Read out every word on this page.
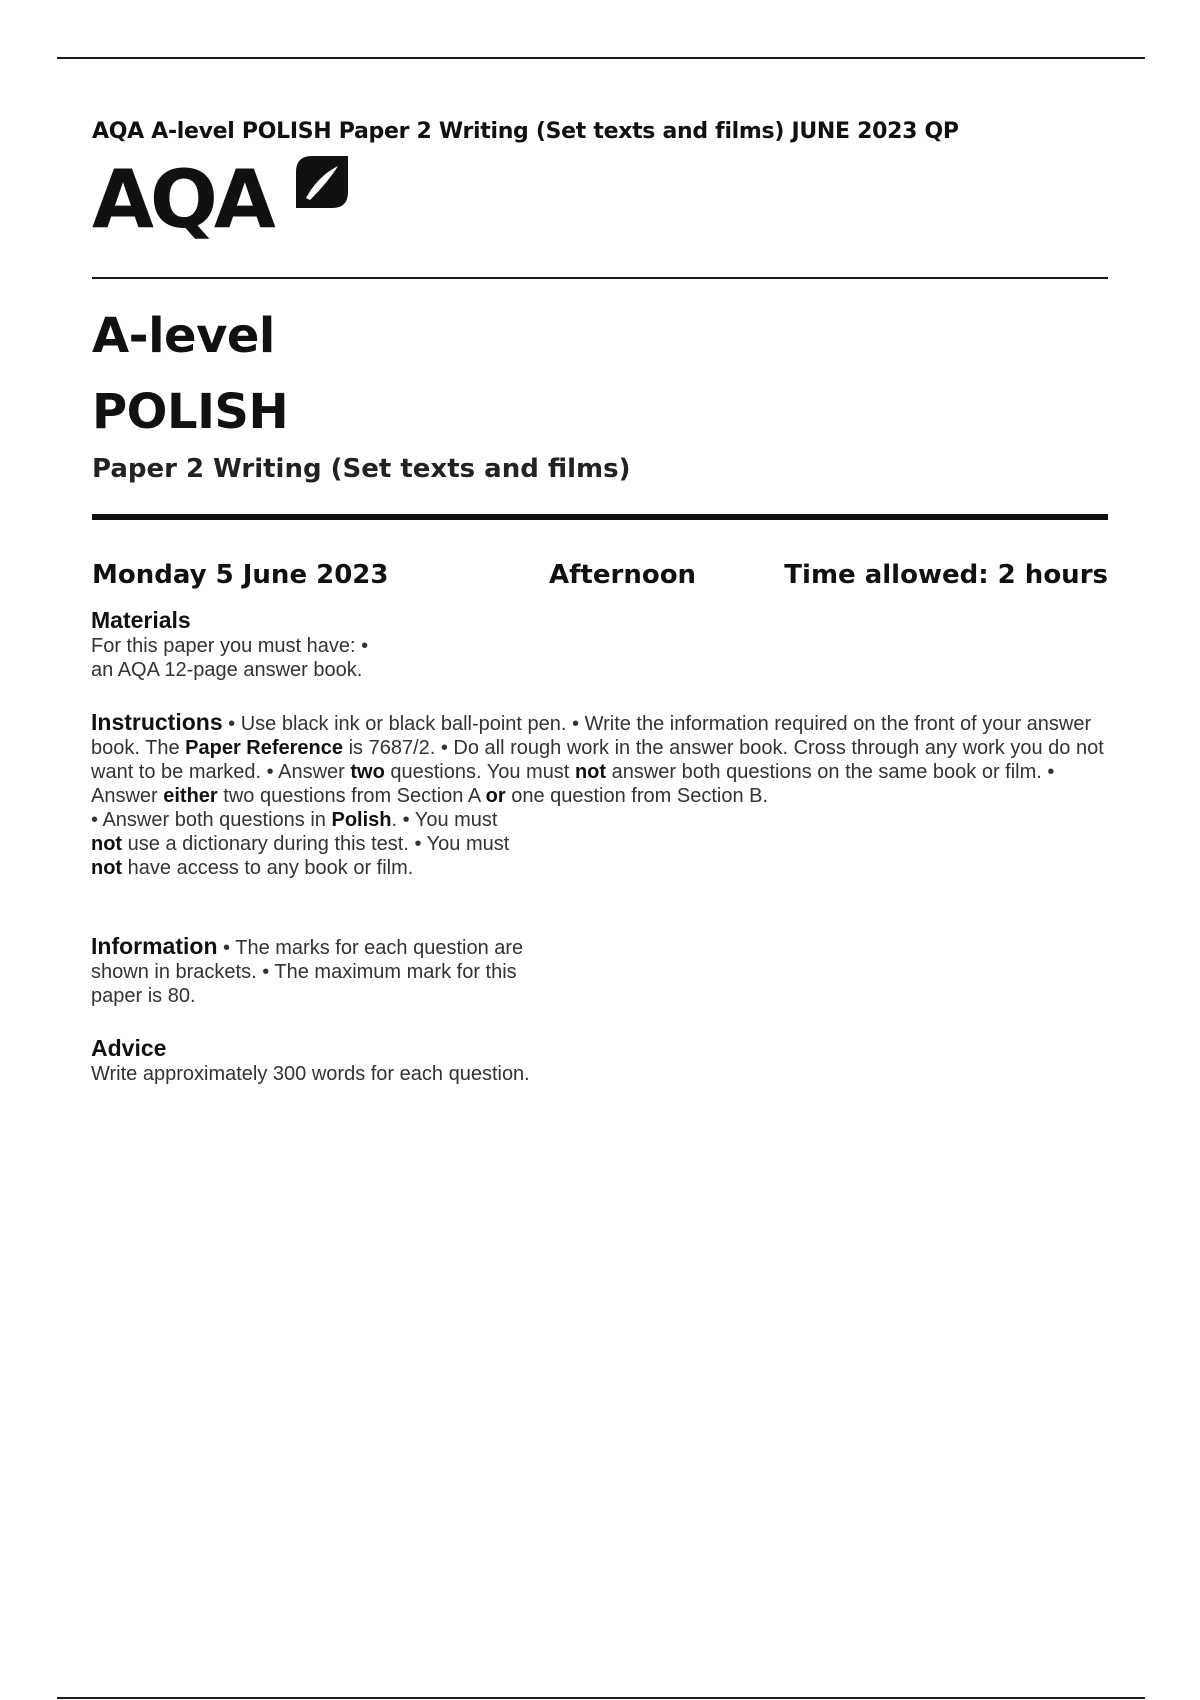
AQA A-level POLISH Paper 2 Writing (Set texts and films) JUNE 2023 QP
AQA
A-level
POLISH
Paper 2 Writing (Set texts and films)
Monday 5 June 2023	Afternoon	Time allowed: 2 hours
Materials

For this paper you must have: •

an AQA 12-page answer book.

Instructions • Use black ink or black ball-point pen. • Write the information required on the front of your answer book. The Paper Reference is 7687/2. • Do all rough work in the answer book. Cross through any work you do not want to be marked. • Answer two questions. You must not answer both questions on the same book or film. • Answer either two questions from Section A or one question from Section B.

• Answer both questions in Polish. • You must

not use a dictionary during this test. • You must

not have access to any book or film.

Information • The marks for each question are shown in brackets. • The maximum mark for this paper is 80.

Advice

Write approximately 300 words for each question.
